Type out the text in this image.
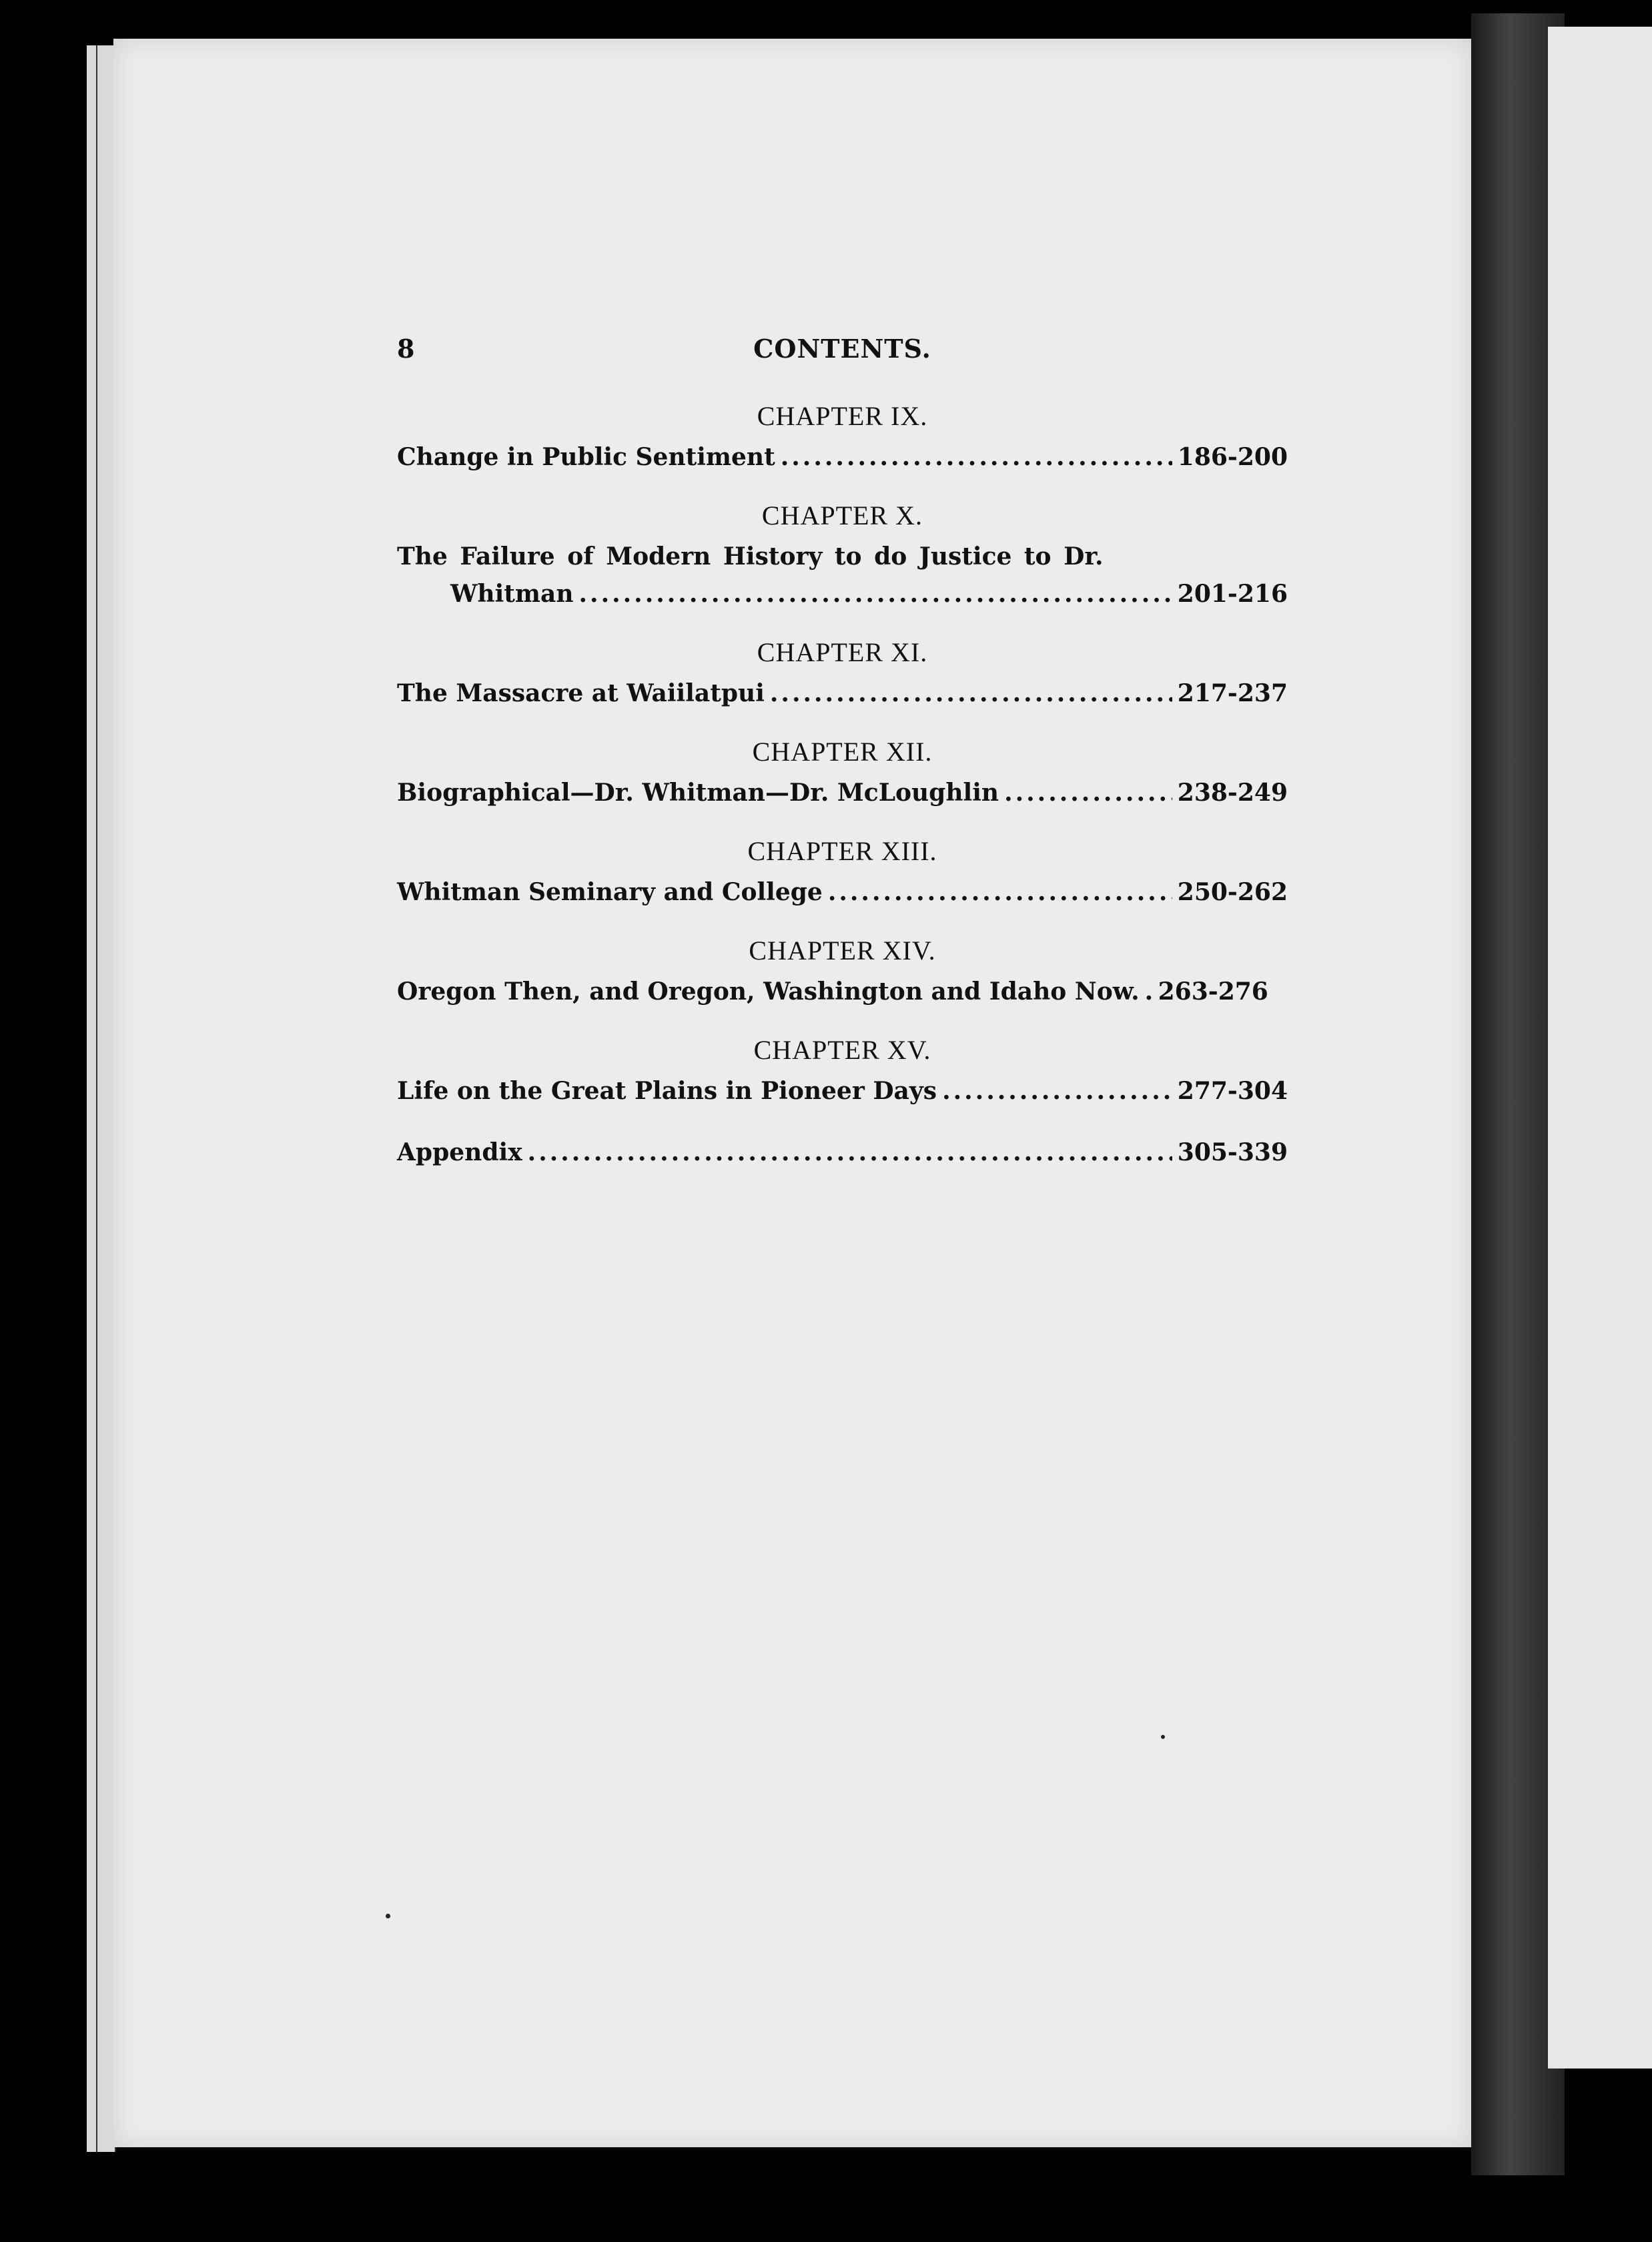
8	CONTENTS.
CHAPTER IX.
Change in Public Sentiment .....	186-200
CHAPTER X.
The Failure of Modern History to do Justice to Dr.
Whitman .....	201-216
CHAPTER XI.
The Massacre at Waiilatpui .....	217-237
CHAPTER XII.
Biographical—Dr. Whitman—Dr. McLoughlin .....	238-249
CHAPTER XIII.
Whitman Seminary and College .....	250-262
CHAPTER XIV.
Oregon Then, and Oregon, Washington and Idaho Now. ..... 263-276
CHAPTER XV.
Life on the Great Plains in Pioneer Days .....	277-304
Appendix .....	305-339
